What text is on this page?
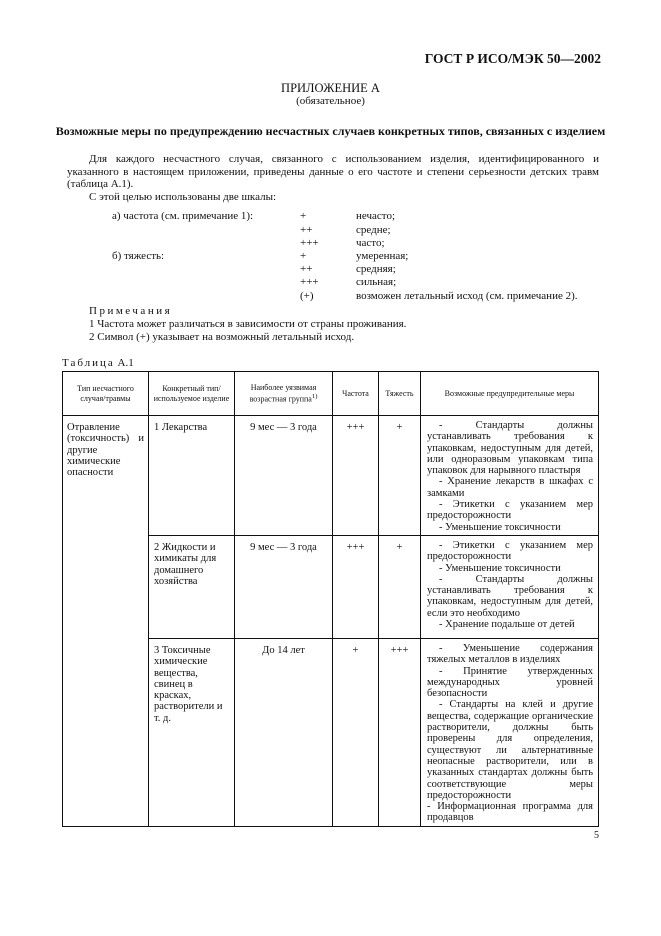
ГОСТ Р ИСО/МЭК 50—2002
ПРИЛОЖЕНИЕ А
(обязательное)
Возможные меры по предупреждению несчастных случаев конкретных типов, связанных с изделием

Для каждого несчастного случая, связанного с использованием изделия, идентифицированного и указанного в настоящем приложении, приведены данные о его частоте и степени серьезности детских травм (таблица А.1).

С этой целью использованы две шкалы:

а) частота (см. примечание 1):	+	нечасто;
++	средне;
+++	часто;
б) тяжесть:	+	умеренная;
++	средняя;
+++	сильная;
(+)	возможен летальный исход (см. примечание 2).
Примечания
1 Частота может различаться в зависимости от страны проживания.
2 Символ (+) указывает на возможный летальный исход.
Таблица А.1
Тип несчастного случая/травмы	Конкретный тип/используемое изделие	Наиболее уязвимая возрастная группа$^{1)}$	Частота	Тяжесть	Возможные предупредительные меры
Отравление (токсичность) и другие химические опасности	1 Лекарства	9 мес — 3 года	+++	+	- Стандарты должны устанавливать требования к упаковкам, недоступным для детей, или одноразовым упаковкам типа упаковок для нарывного пластыря
- Хранение лекарств в шкафах с замками
- Этикетки с указанием мер предосторожности
- Уменьшение токсичности

	2 Жидкости и химикаты для домашнего хозяйства	9 мес — 3 года	+++	+	- Этикетки с указанием мер предосторожности
- Уменьшение токсичности
- Стандарты должны устанавливать требования к упаковкам, недоступным для детей, если это необходимо
- Хранение подальше от детей

	3 Токсичные химические вещества, свинец в красках, растворители и т. д.	До 14 лет	+	+++	- Уменьшение содержания тяжелых металлов в изделиях
- Принятие утвержденных международных уровней безопасности
- Стандарты на клей и другие вещества, содержащие органические растворители, должны быть проверены для определения, существуют ли альтернативные неопасные растворители, или в указанных стандартах должны быть соответствующие меры предосторожности
- Информационная программа для продавцов
5
